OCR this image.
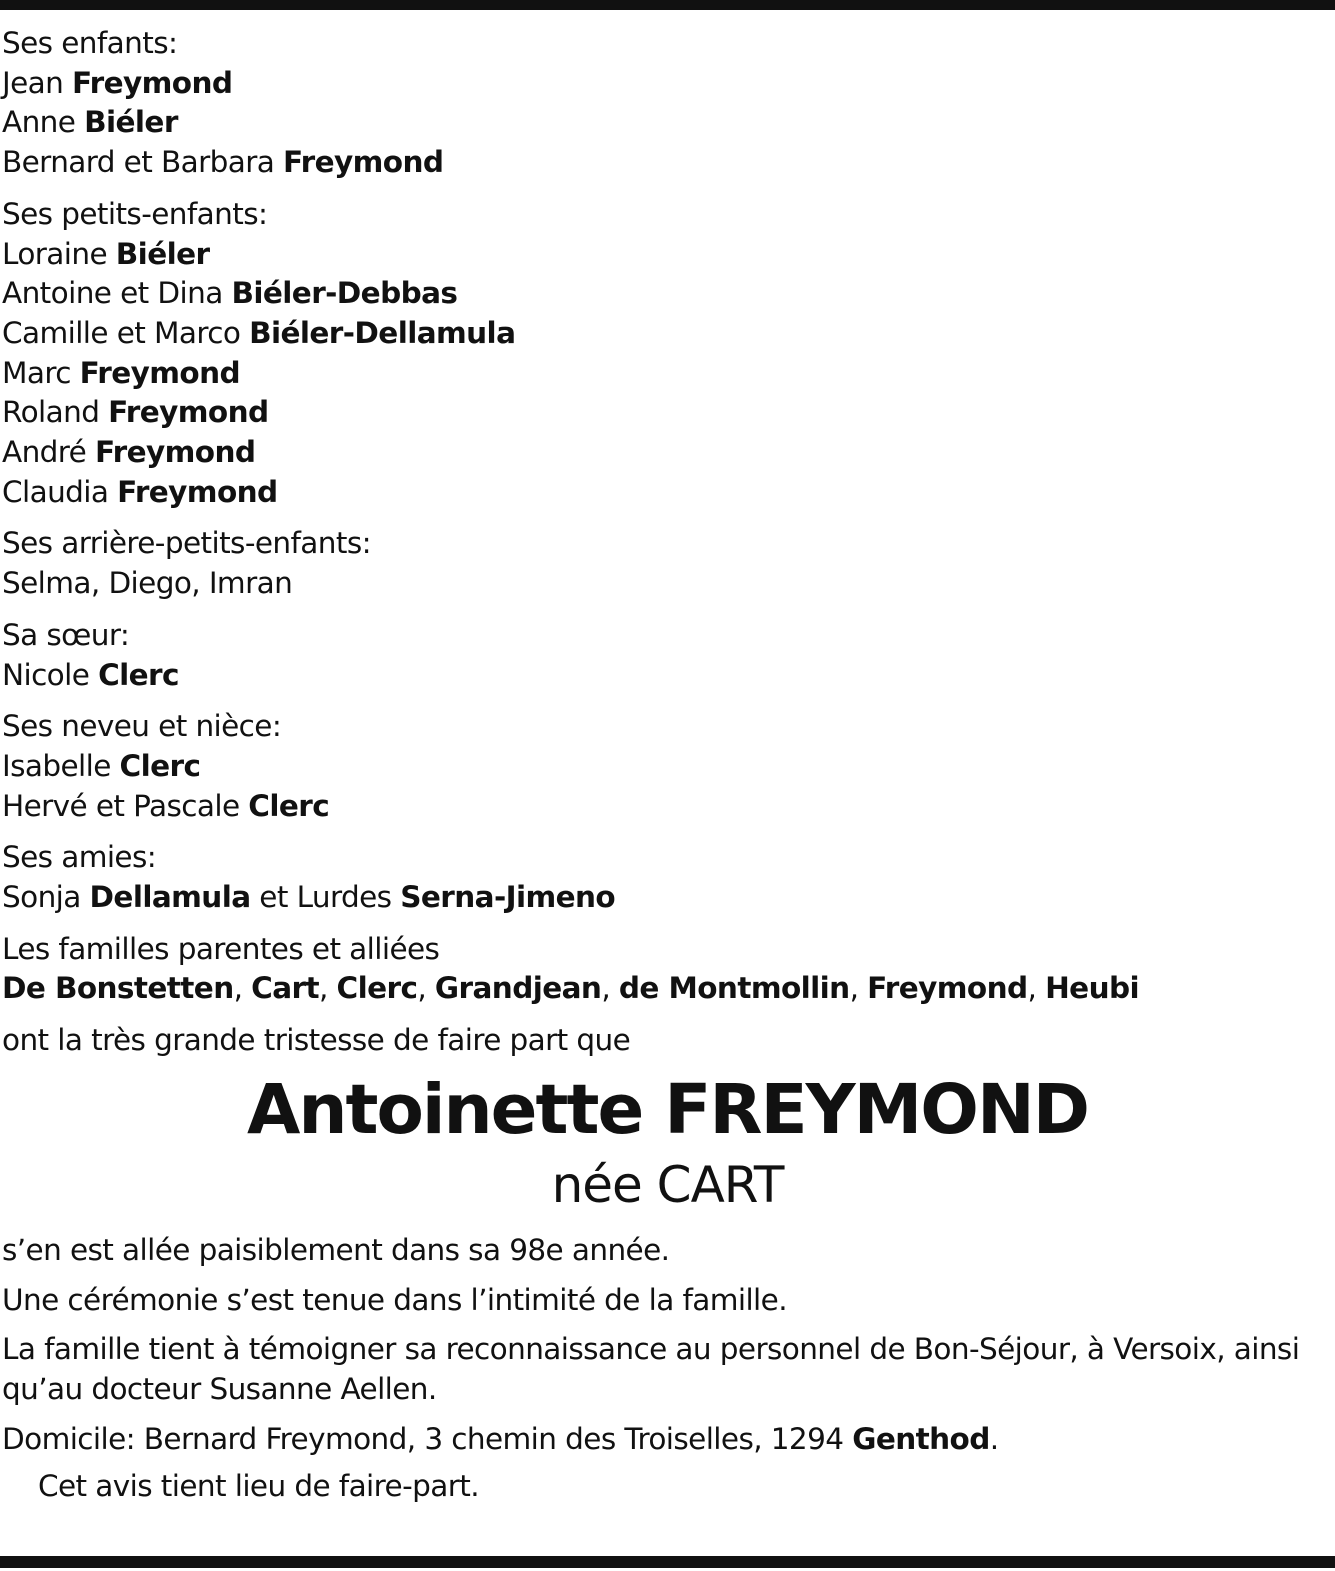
Ses enfants:
Jean Freymond
Anne Biéler
Bernard et Barbara Freymond
Ses petits-enfants:
Loraine Biéler
Antoine et Dina Biéler-Debbas
Camille et Marco Biéler-Dellamula
Marc Freymond
Roland Freymond
André Freymond
Claudia Freymond
Ses arrière-petits-enfants:
Selma, Diego, Imran
Sa sœur:
Nicole Clerc
Ses neveu et nièce:
Isabelle Clerc
Hervé et Pascale Clerc
Ses amies:
Sonja Dellamula et Lurdes Serna-Jimeno
Les familles parentes et alliées
De Bonstetten, Cart, Clerc, Grandjean, de Montmollin, Freymond, Heubi
ont la très grande tristesse de faire part que
Antoinette FREYMOND
née CART
s’en est allée paisiblement dans sa 98e année.
Une cérémonie s’est tenue dans l’intimité de la famille.
La famille tient à témoigner sa reconnaissance au personnel de Bon-Séjour, à Versoix, ainsi qu’au docteur Susanne Aellen.
Domicile: Bernard Freymond, 3 chemin des Troiselles, 1294 Genthod.
Cet avis tient lieu de faire-part.
